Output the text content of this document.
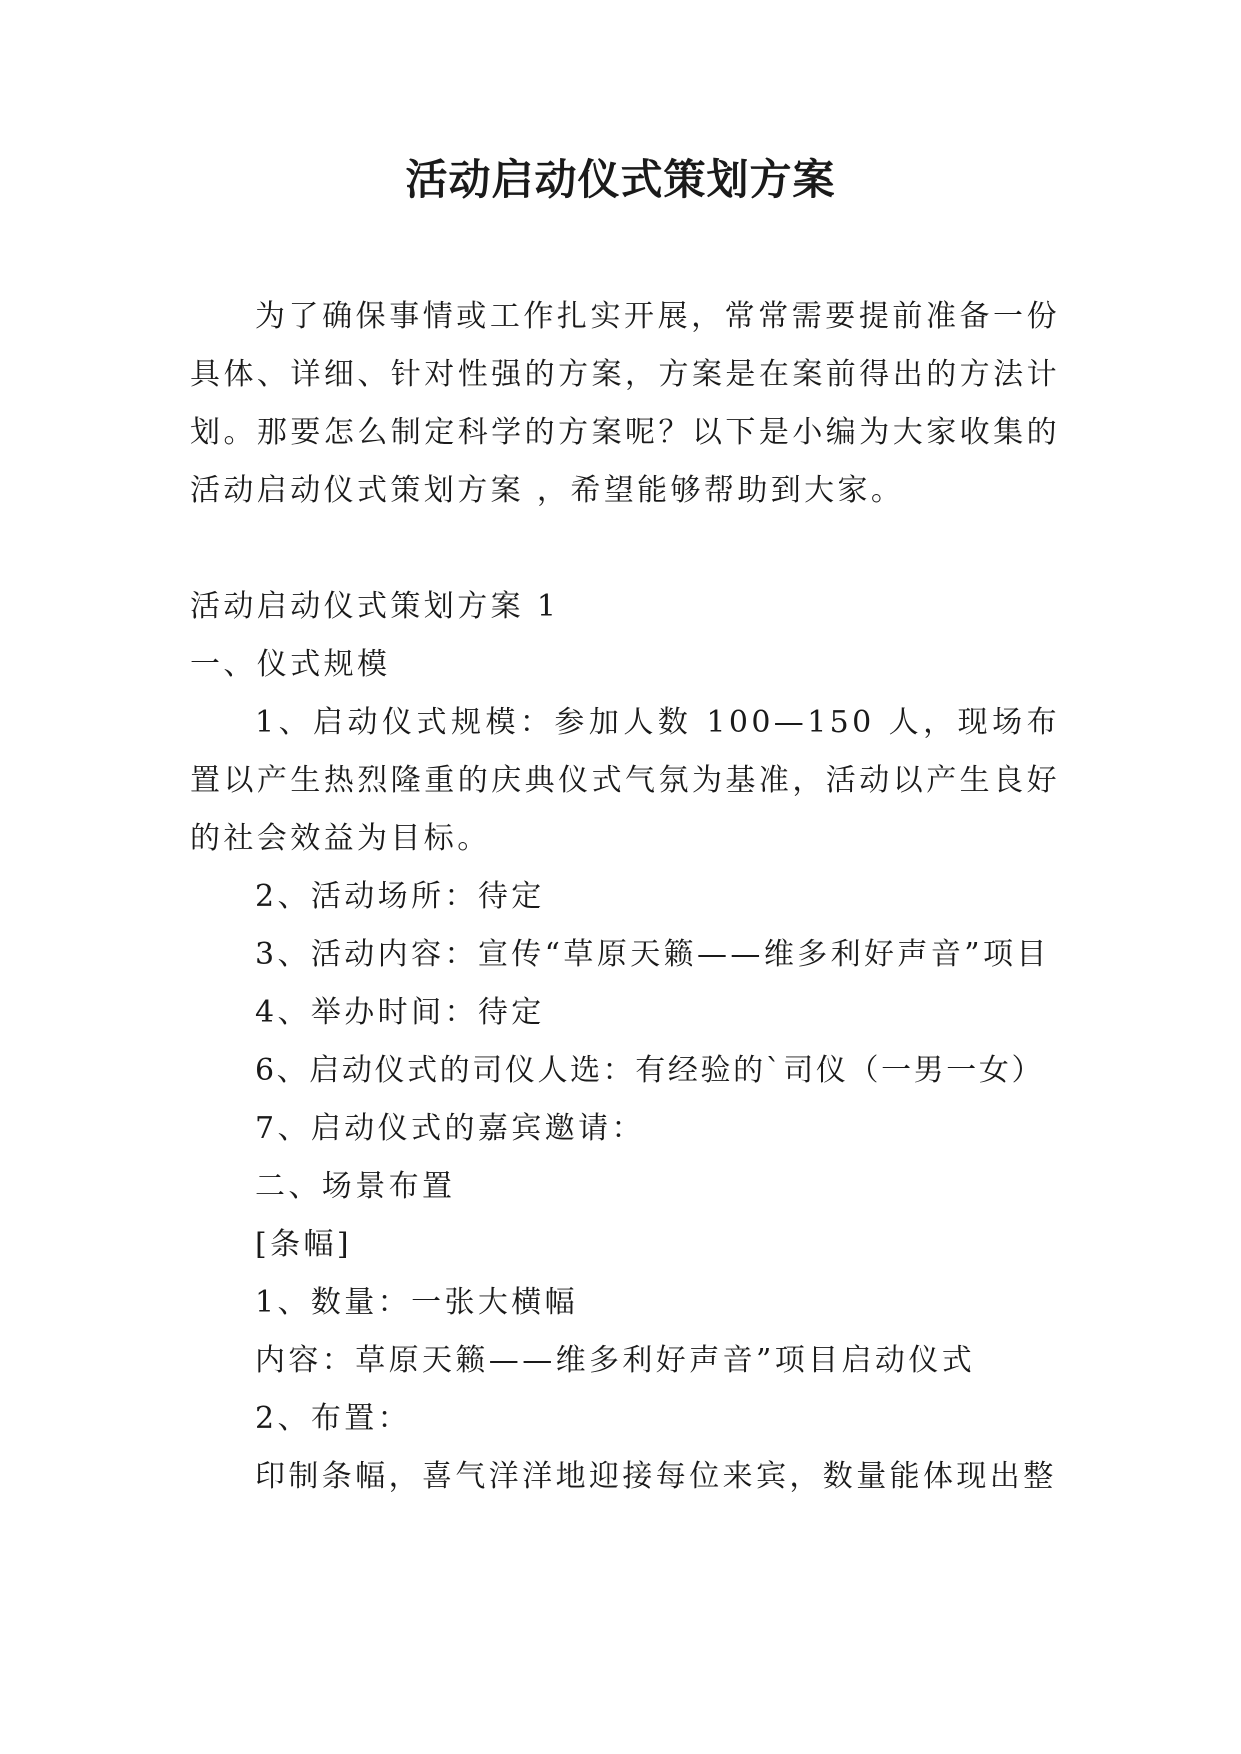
活动启动仪式策划方案

为了确保事情或工作扎实开展，常常需要提前准备一份具体、详细、针对性强的方案，方案是在案前得出的方法计划。那要怎么制定科学的方案呢？以下是小编为大家收集的活动启动仪式策划方案 ，希望能够帮助到大家。

活动启动仪式策划方案 1

一、仪式规模

1、启动仪式规模：参加人数 100—150 人，现场布置以产生热烈隆重的庆典仪式气氛为基准，活动以产生良好的社会效益为目标。

2、活动场所：待定

3、活动内容：宣传“草原天籁——维多利好声音”项目

4、举办时间：待定

6、启动仪式的司仪人选：有经验的`司仪（一男一女）

7、启动仪式的嘉宾邀请：

二、场景布置

[条幅]

1、数量：一张大横幅

内容：草原天籁——维多利好声音”项目启动仪式

2、布置：

印制条幅，喜气洋洋地迎接每位来宾，数量能体现出整
